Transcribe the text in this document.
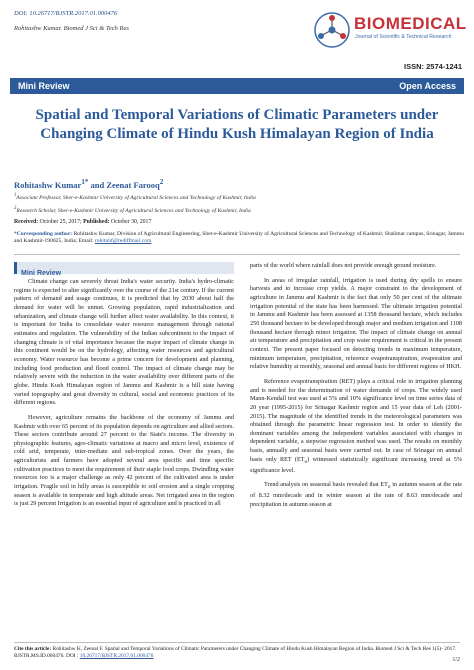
DOI: 10.26717/BJSTR.2017.01.000476
Rohitashw Kumar. Biomed J Sci & Tech Res	BIOMEDICAL
Journal of Scientific & Technical Research
ISSN: 2574-1241
Mini Review	Open Access
Spatial and Temporal Variations of Climatic Parameters under Changing Climate of Hindu Kush Himalayan Region of India
Rohitashw Kumar$^{1*}$ and Zeenat Farooq$^2$
$^1$Associate Professor, Sher-e-Kashmir University of Agricultural Sciences and Technology of Kashmir, India
$^2$Research Scholar, Sher-e-Kashmir University of Agricultural Sciences and Technology of Kashmir, India
Received: October 25, 2017; Published: October 30, 2017
*Corresponding author: Rohitashw Kumar, Division of Agricultural Engineering, Sher-e-Kashmir University of Agricultural Sciences and Technology of Kashmir, Shalimar campus, Srinagar, Jammu and Kashmir-190025, India; Email: rohituhf@rediffmail.com
Mini Review

Climate change can severely threat India's water security. India's hydro-climatic regime is expected to alter significantly over the course of the 21st century. If the current pattern of demand and usage continues, it is predicted that by 2030 about half the demand for water will be unmet. Growing population, rapid industrialization and urbanization, and climate change will further affect water availability. In this context, it is important for India to consolidate water resource management through rational estimates and regulation. The vulnerability of the Indian subcontinent to the impact of changing climate is of vital importance because the major impact of climate change in this continent would be on the hydrology, affecting water resources and agricultural economy. Water resource has become a prime concern for development and planning, including food production and flood control. The impact of climate change may be relatively severe with the reduction in the water availability over different parts of the globe. Hindu Kush Himalayan region of Jammu and Kashmir is a hill state having varied topography and great diversity in cultural, social and economic practices of its different regions.

However, agriculture remains the backbone of the economy of Jammu and Kashmir with over 65 percent of its population depends on agriculture and allied sectors. These sectors contribute around 27 percent to the State's income. The diversity in physiographic features, agro-climatic variations at macro and micro level, existence of cold arid, temperate, inter-mediate and sub-tropical zones. Over the years, the agriculturists and farmers have adopted several area specific and time specific cultivation practices to meet the requirement of their staple food crops. Dwindling water resources too is a major challenge as only 42 percent of the cultivated area is under irrigation. Fragile soil in hilly areas is susceptible to soil erosion and a single cropping season is available in temperate and high altitude areas. Net irrigated area in the region is just 29 percent Irrigation is an essential input of agriculture and is practiced in all

parts of the world where rainfall does not provide enough ground moisture.

In areas of irregular rainfall, irrigation is used during dry spells to ensure harvests and to increase crop yields. A major constraint to the development of agriculture in Jammu and Kashmir is the fact that only 50 per cent of the ultimate irrigation potential of the state has been harnessed. The ultimate irrigation potential in Jammu and Kashmir has been assessed at 1358 thousand hectare, which includes 250 thousand hectare to be developed through major and medium irrigation and 1108 thousand hectare through minor irrigation. The impact of climate change on annual air temperature and precipitation and crop water requirement is critical in the present context. The present paper focused on detecting trends in maximum temperature, minimum temperature, precipitation, reference evapotranspiration, evaporation and relative humidity at monthly, seasonal and annual basis for different regions of HKH.

Reference evapotranspiration (RET) plays a critical role in irrigation planning and is needed for the determination of water demands of crops. The widely used Mann-Kendall test was used at 5% and 10% significance level on time series data of 20 year (1995-2015) for Srinagar Kashmir region and 15 year data of Leh (2001-2015). The magnitude of the identified trends in the meteorological parameters was obtained through the parametric linear regression test. In order to identify the dominant variables among the independent variables associated with changes in dependent variable, a stepwise regression method was used. The results on monthly basis, annually and seasonal basis were carried out. In case of Srinagar on annual basis only RET $(ET_o)$ witnessed statistically significant increasing trend at 5% significance level.

Trend analysis on seasonal basis revealed that $ET_o$ in autumn season at the rate of 8.32 mm/decade and in winter season at the rate of 8.63 mm/decade and precipitation in autumn season at

Cite this article: Rohitashw K, Zeenat F. Spatial and Temporal Variations of Climatic Parameters under Changing Climate of Hindu Kush Himalayan Region of India. Biomed J Sci & Tech Res 1(5)- 2017. BJSTR.MS.ID.000476. DOI : 10.26717/BJSTR.2017.01.000476
1/2
